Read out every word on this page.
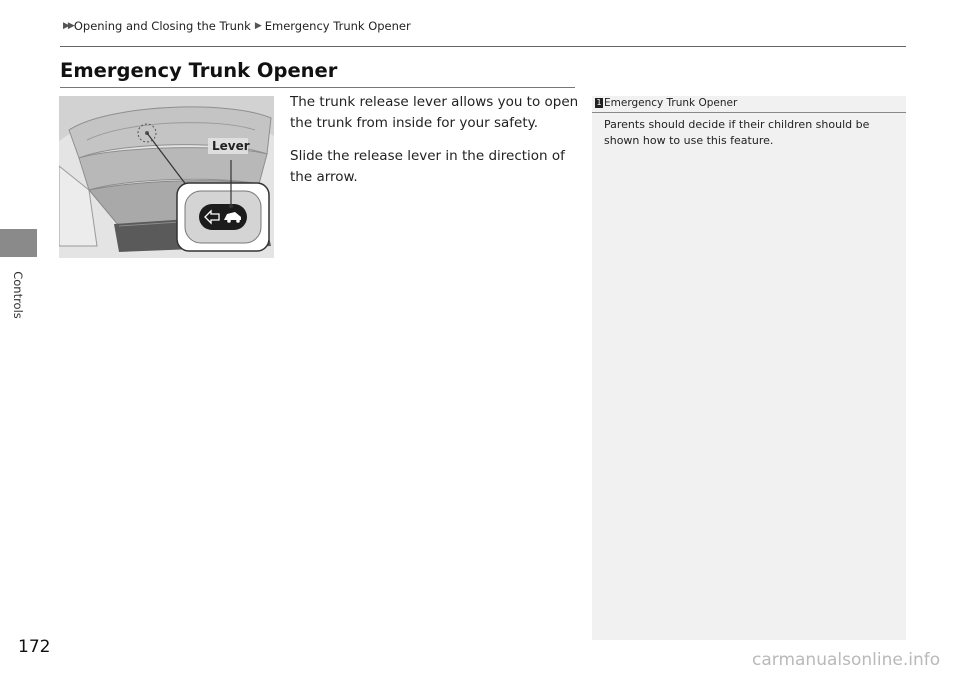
Controls
▶▶ Opening and Closing the Trunk ▶ Emergency Trunk Opener
Emergency Trunk Opener
Lever

The trunk release lever allows you to open the trunk from inside for your safety.

Slide the release lever in the direction of the arrow.

1 Emergency Trunk Opener
Parents should decide if their children should be shown how to use this feature.
172
carmanualsonline.info
